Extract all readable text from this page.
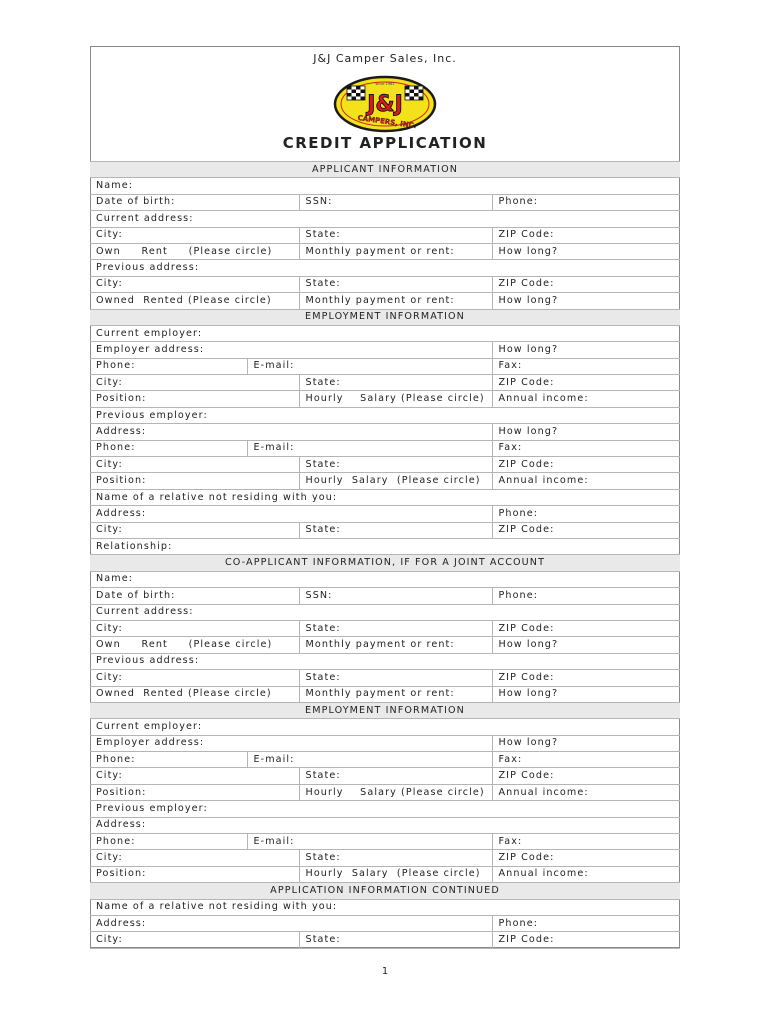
J&J Camper Sales, Inc.
since 1982
J&J
CAMPERS, INC.
CREDIT APPLICATION
APPLICANT INFORMATION			
Name:			
Date of birth:		SSN:	Phone:
Current address:			
City:		State:	ZIP Code:
Own     Rent     (Please circle)		Monthly payment or rent:	How long?
Previous address:			
City:		State:	ZIP Code:
Owned  Rented (Please circle)		Monthly payment or rent:	How long?
EMPLOYMENT INFORMATION			
Current employer:			
Employer address:			How long?
Phone:	E-mail:		Fax:
City:		State:	ZIP Code:
Position:		Hourly    Salary (Please circle)	Annual income:
Previous employer:			
Address:			How long?
Phone:	E-mail:		Fax:
City:		State:	ZIP Code:
Position:		Hourly  Salary  (Please circle)	Annual income:
Name of a relative not residing with you:			
Address:			Phone:
City:		State:	ZIP Code:
Relationship:			
CO-APPLICANT INFORMATION, IF FOR A JOINT ACCOUNT			
Name:			
Date of birth:		SSN:	Phone:
Current address:			
City:		State:	ZIP Code:
Own     Rent     (Please circle)		Monthly payment or rent:	How long?
Previous address:			
City:		State:	ZIP Code:
Owned  Rented (Please circle)		Monthly payment or rent:	How long?
EMPLOYMENT INFORMATION			
Current employer:			
Employer address:			How long?
Phone:	E-mail:		Fax:
City:		State:	ZIP Code:
Position:		Hourly    Salary (Please circle)	Annual income:
Previous employer:			
Address:			
Phone:	E-mail:		Fax:
City:		State:	ZIP Code:
Position:		Hourly  Salary  (Please circle)	Annual income:
APPLICATION INFORMATION CONTINUED			
Name of a relative not residing with you:			
Address:			Phone:
City:		State:	ZIP Code:
1
